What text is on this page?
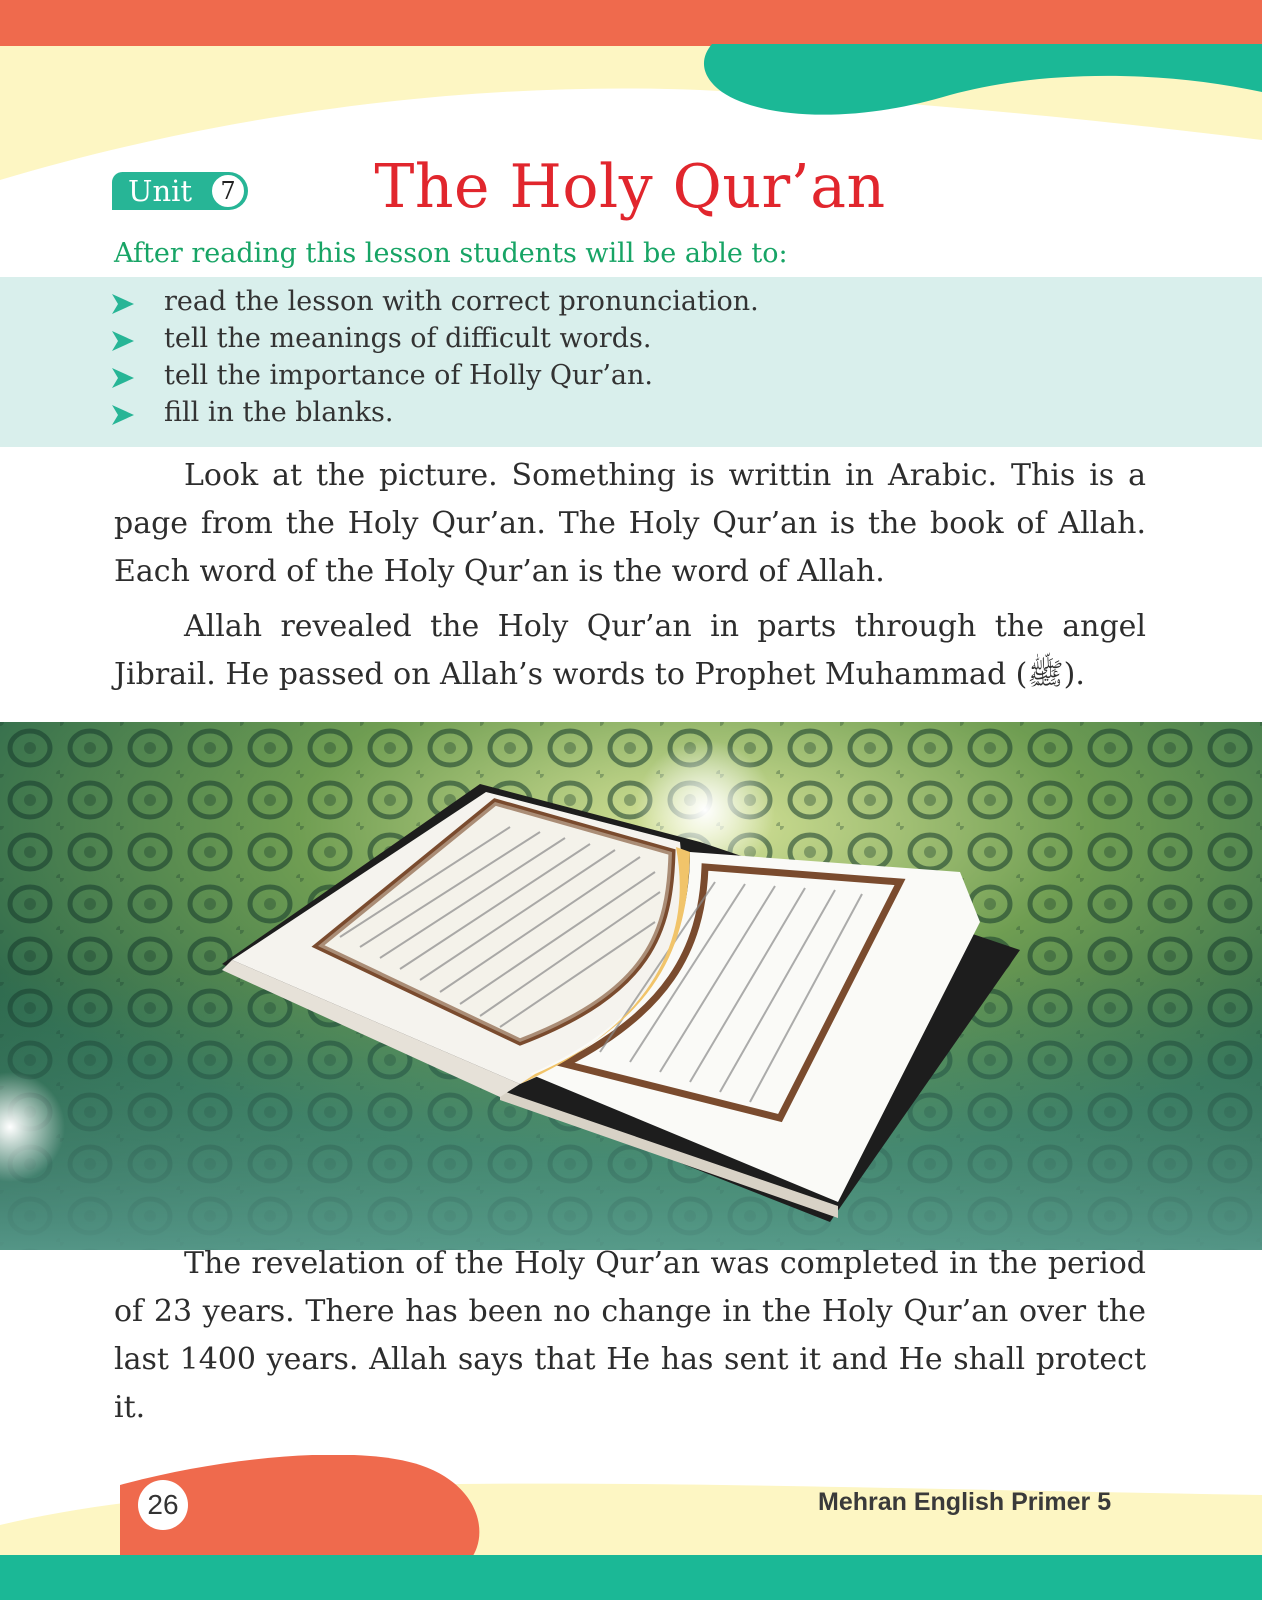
Unit	7	The Holy Qur’an
After reading this lesson students will be able to:
read the lesson with correct pronunciation.
tell the meanings of difficult words.
tell the importance of Holly Qur’an.
fill in the blanks.

Look at the picture. Something is writtin in Arabic. This is a page from the Holy Qur’an. The Holy Qur’an is the book of Allah. Each word of the Holy Qur’an is the word of Allah.

Allah revealed the Holy Qur’an in parts through the angel Jibrail. He passed on Allah’s words to Prophet Muhammad (ﷺ).

The revelation of the Holy Qur’an was completed in the period of 23 years. There has been no change in the Holy Qur’an over the last 1400 years. Allah says that He has sent it and He shall protect it.

26	Mehran English Primer 5
